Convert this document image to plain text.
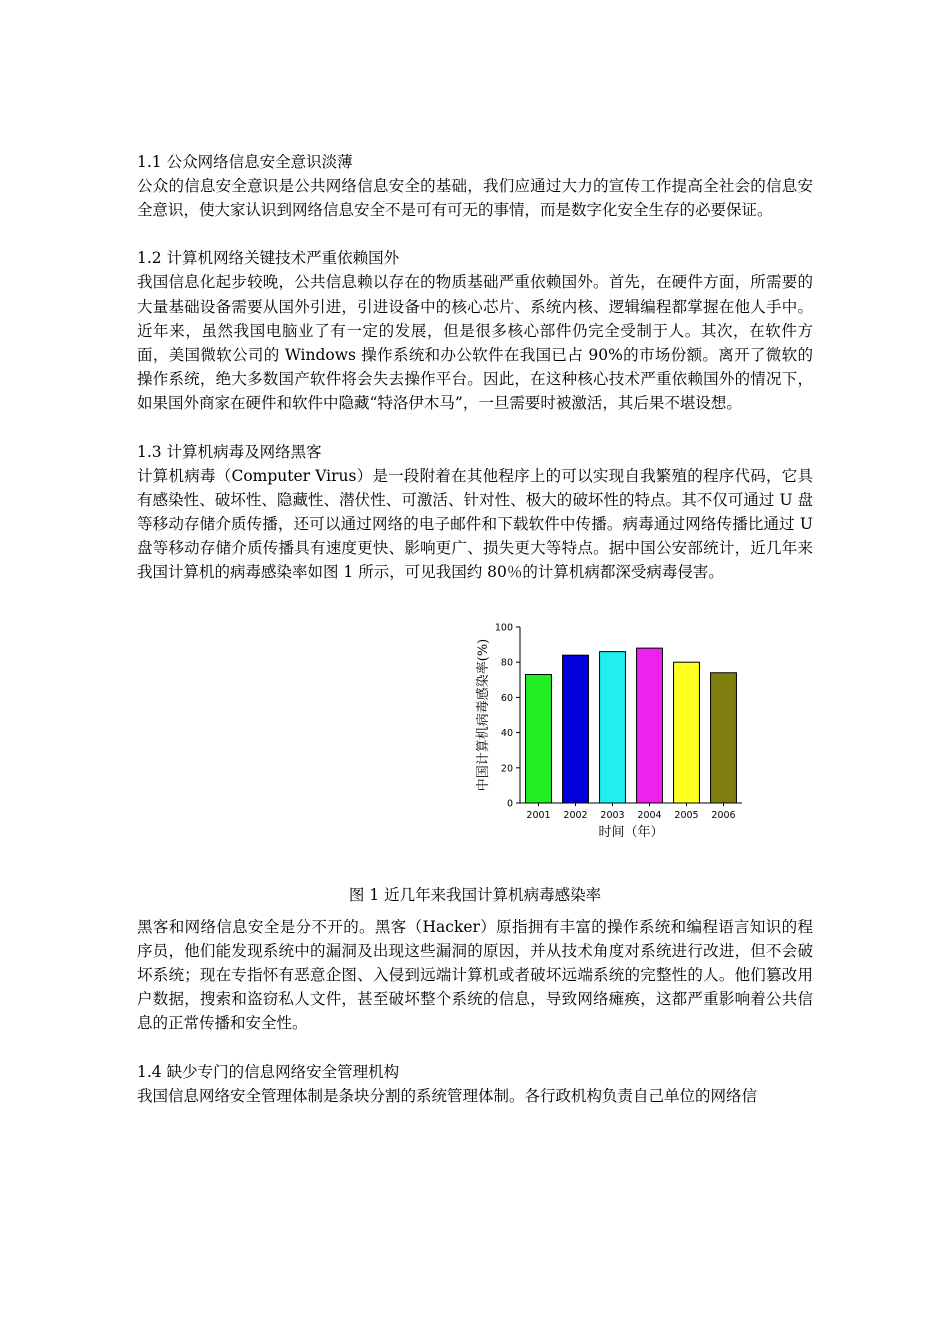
1.1 公众网络信息安全意识淡薄

公众的信息安全意识是公共网络信息安全的基础，我们应通过大力的宣传工作提高全社会的信息安全意识，使大家认识到网络信息安全不是可有可无的事情，而是数字化安全生存的必要保证。

1.2 计算机网络关键技术严重依赖国外

我国信息化起步较晚，公共信息赖以存在的物质基础严重依赖国外。首先，在硬件方面，所需要的大量基础设备需要从国外引进，引进设备中的核心芯片、系统内核、逻辑编程都掌握在他人手中。近年来，虽然我国电脑业了有一定的发展，但是很多核心部件仍完全受制于人。其次，在软件方面，美国微软公司的 Windows 操作系统和办公软件在我国已占 90%的市场份额。离开了微软的操作系统，绝大多数国产软件将会失去操作平台。因此，在这种核心技术严重依赖国外的情况下，如果国外商家在硬件和软件中隐藏“特洛伊木马”，一旦需要时被激活，其后果不堪设想。

1.3 计算机病毒及网络黑客

计算机病毒（Computer Virus）是一段附着在其他程序上的可以实现自我繁殖的程序代码，它具有感染性、破坏性、隐藏性、潜伏性、可激活、针对性、极大的破坏性的特点。其不仅可通过 U 盘等移动存储介质传播，还可以通过网络的电子邮件和下载软件中传播。病毒通过网络传播比通过 U 盘等移动存储介质传播具有速度更快、影响更广、损失更大等特点。据中国公安部统计，近几年来我国计算机的病毒感染率如图 1 所示，可见我国约 80％的计算机病都深受病毒侵害。

0
20
40
60
80
100
2001 2002 2003 2004 2005 2006
时间（年）
中国计算机病毒感染率(%)
图 1 近几年来我国计算机病毒感染率

黑客和网络信息安全是分不开的。黑客（Hacker）原指拥有丰富的操作系统和编程语言知识的程序员，他们能发现系统中的漏洞及出现这些漏洞的原因，并从技术角度对系统进行改进，但不会破坏系统；现在专指怀有恶意企图、入侵到远端计算机或者破坏远端系统的完整性的人。他们篡改用户数据，搜索和盗窃私人文件，甚至破坏整个系统的信息，导致网络瘫痪，这都严重影响着公共信息的正常传播和安全性。

1.4 缺少专门的信息网络安全管理机构

我国信息网络安全管理体制是条块分割的系统管理体制。各行政机构负责自己单位的网络信
